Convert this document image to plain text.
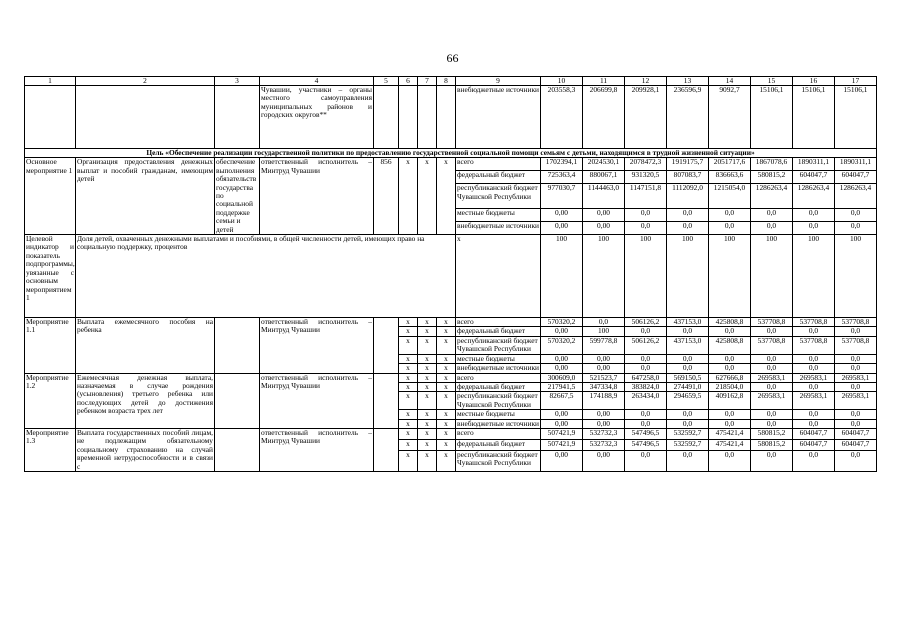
66
1	2	3	4	5	6	7	8	9	10	11	12	13	14	15	16	17
			Чувашии, участники – органы местного самоуправления муниципальных районов и городских округов**					внебюджетные источники	203558,3	206699,8	209928,1	236596,9	9092,7	15106,1	15106,1	15106,1
Цель «Обеспечение реализации государственной политики по предоставлению государственной социальной помощи семьям с детьми, находящимся в трудной жизненной ситуации»																
Основное мероприятие 1	Организация предоставления денежных выплат и пособий гражданам, имеющим детей	обеспечение выполнения обязательств государства по социальной поддержке семьи и детей	ответственный исполнитель – Минтруд Чувашии	856	x	x	x	всего	1702394,1	2024530,1	2078472,3	1919175,7	2051717,6	1867078,6	1890311,1	1890311,1
								федеральный бюджет	725363,4	880067,1	931320,5	807083,7	836663,6	580815,2	604047,7	604047,7
								республиканский бюджет Чувашской Республики	977030,7	1144463,0	1147151,8	1112092,0	1215054,0	1286263,4	1286263,4	1286263,4
								местные бюджеты	0,00	0,00	0,0	0,0	0,0	0,0	0,0	0,0
								внебюджетные источники	0,00	0,00	0,0	0,0	0,0	0,0	0,0	0,0
Целевой индикатор и показатель подпрограммы, увязанные с основным мероприятием 1	Доля детей, охваченных денежными выплатами и пособиями, в общей численности детей, имеющих право на социальную поддержку, процентов							x	100	100	100	100	100	100	100	100
Мероприятие 1.1	Выплата ежемесячного пособия на ребенка		ответственный исполнитель – Минтруд Чувашии		x	x	x	всего	570320,2	0,0	506126,2	437153,0	425808,8	537708,8	537708,8	537708,8
					x	x	x	федеральный бюджет	0,00	100	0,0	0,0	0,0	0,0	0,0	0,0
					x	x	x	республиканский бюджет Чувашской Республики	570320,2	599778,8	506126,2	437153,0	425808,8	537708,8	537708,8	537708,8
					x	x	x	местные бюджеты	0,00	0,00	0,0	0,0	0,0	0,0	0,0	0,0
					x	x	x	внебюджетные источники	0,00	0,00	0,0	0,0	0,0	0,0	0,0	0,0
Мероприятие 1.2	Ежемесячная денежная выплата, назначаемая в случае рождения (усыновления) третьего ребенка или последующих детей до достижения ребенком возраста трех лет		ответственный исполнитель – Минтруд Чувашии		x	x	x	всего	300609,0	521523,7	647258,0	569150,5	627666,8	269583,1	269583,1	269583,1
					x	x	x	федеральный бюджет	217941,5	347334,8	383824,0	274491,0	218504,0	0,0	0,0	0,0
					x	x	x	республиканский бюджет Чувашской Республики	82667,5	174188,9	263434,0	294659,5	409162,8	269583,1	269583,1	269583,1
					x	x	x	местные бюджеты	0,00	0,00	0,0	0,0	0,0	0,0	0,0	0,0
					x	x	x	внебюджетные источники	0,00	0,00	0,0	0,0	0,0	0,0	0,0	0,0
Мероприятие 1.3	Выплата государственных пособий лицам, не подлежащим обязательному социальному страхованию на случай временной нетрудоспособности и в связи с		ответственный исполнитель – Минтруд Чувашии		x	x	x	всего	507421,9	532732,3	547496,5	532592,7	475421,4	580815,2	604047,7	604047,7
					x	x	x	федеральный бюджет	507421,9	532732,3	547496,5	532592,7	475421,4	580815,2	604047,7	604047,7
					x	x	x	республиканский бюджет Чувашской Республики	0,00	0,00	0,0	0,0	0,0	0,0	0,0	0,0
